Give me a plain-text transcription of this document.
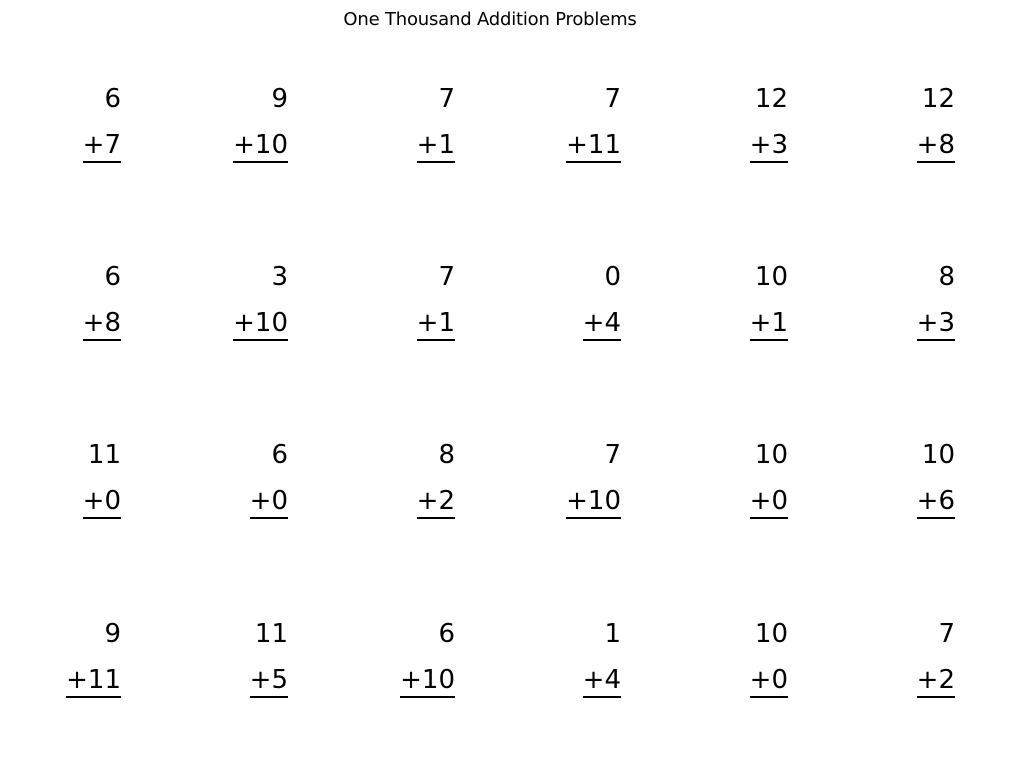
One Thousand Addition Problems
6
+7
9
+10
7
+1
7
+11
12
+3
12
+8
6
+8
3
+10
7
+1
0
+4
10
+1
8
+3
11
+0
6
+0
8
+2
7
+10
10
+0
10
+6
9
+11
11
+5
6
+10
1
+4
10
+0
7
+2
